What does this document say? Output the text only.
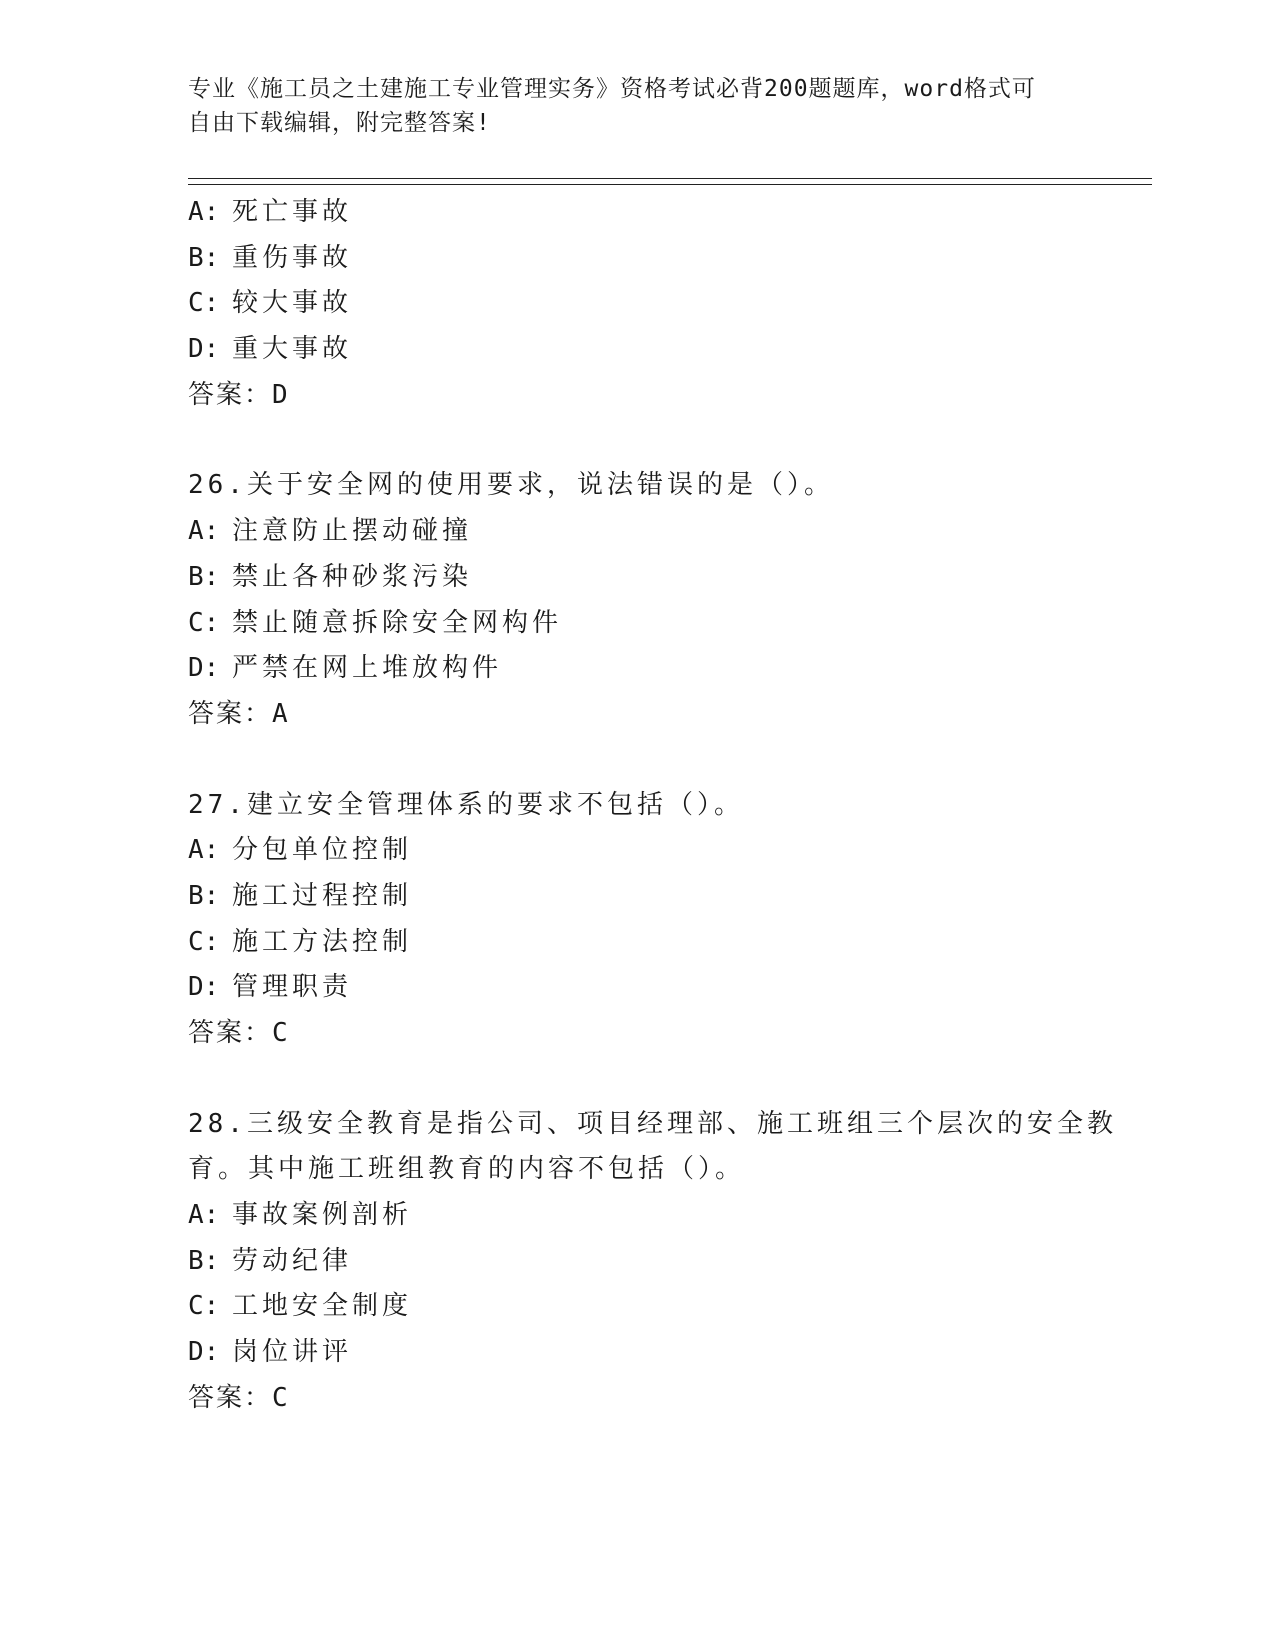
专业《施工员之土建施工专业管理实务》资格考试必背200题题库，word格式可
自由下载编辑，附完整答案!
A: 死亡事故
B: 重伤事故
C: 较大事故
D: 重大事故
答案：D
26.关于安全网的使用要求，说法错误的是（）。
A: 注意防止摆动碰撞
B: 禁止各种砂浆污染
C: 禁止随意拆除安全网构件
D: 严禁在网上堆放构件
答案：A
27.建立安全管理体系的要求不包括（）。
A: 分包单位控制
B: 施工过程控制
C: 施工方法控制
D: 管理职责
答案：C
28.三级安全教育是指公司、项目经理部、施工班组三个层次的安全教
育。其中施工班组教育的内容不包括（）。
A: 事故案例剖析
B: 劳动纪律
C: 工地安全制度
D: 岗位讲评
答案：C
